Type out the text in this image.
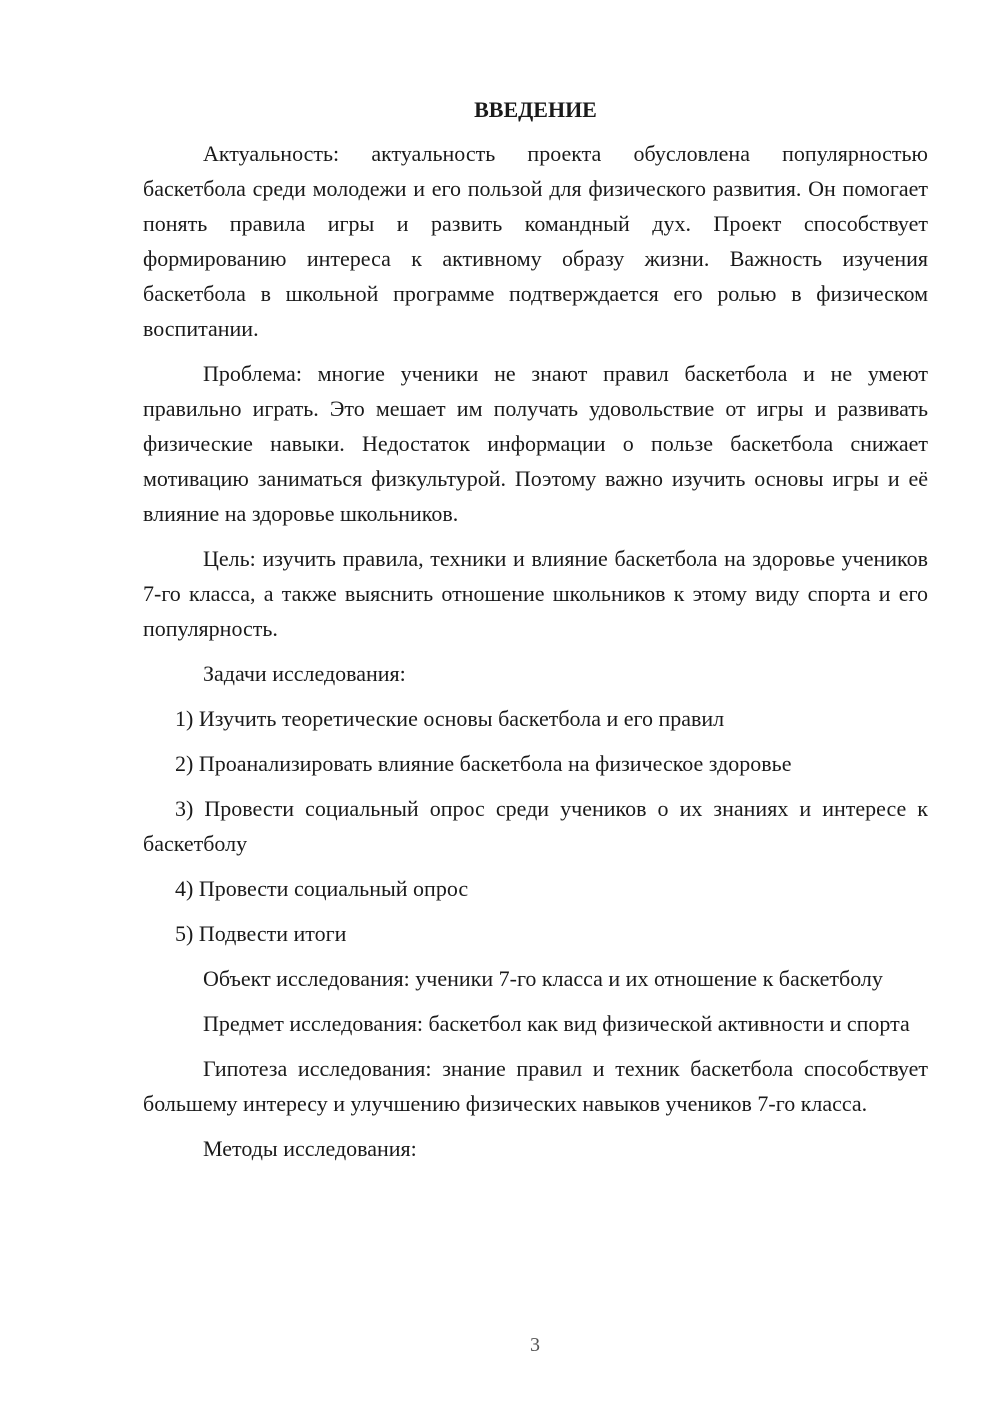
ВВЕДЕНИЕ

Актуальность: актуальность проекта обусловлена популярностью баскетбола среди молодежи и его пользой для физического развития. Он помогает понять правила игры и развить командный дух. Проект способствует формированию интереса к активному образу жизни. Важность изучения баскетбола в школьной программе подтверждается его ролью в физическом воспитании.

Проблема: многие ученики не знают правил баскетбола и не умеют правильно играть. Это мешает им получать удовольствие от игры и развивать физические навыки. Недостаток информации о пользе баскетбола снижает мотивацию заниматься физкультурой. Поэтому важно изучить основы игры и её влияние на здоровье школьников.

Цель: изучить правила, техники и влияние баскетбола на здоровье учеников 7-го класса, а также выяснить отношение школьников к этому виду спорта и его популярность.

Задачи исследования:

1) Изучить теоретические основы баскетбола и его правил

2) Проанализировать влияние баскетбола на физическое здоровье

3) Провести социальный опрос среди учеников о их знаниях и интересе к баскетболу

4) Провести социальный опрос

5) Подвести итоги

Объект исследования: ученики 7-го класса и их отношение к баскетболу

Предмет исследования: баскетбол как вид физической активности и спорта

Гипотеза исследования: знание правил и техник баскетбола способствует большему интересу и улучшению физических навыков учеников 7-го класса.

Методы исследования:

3
